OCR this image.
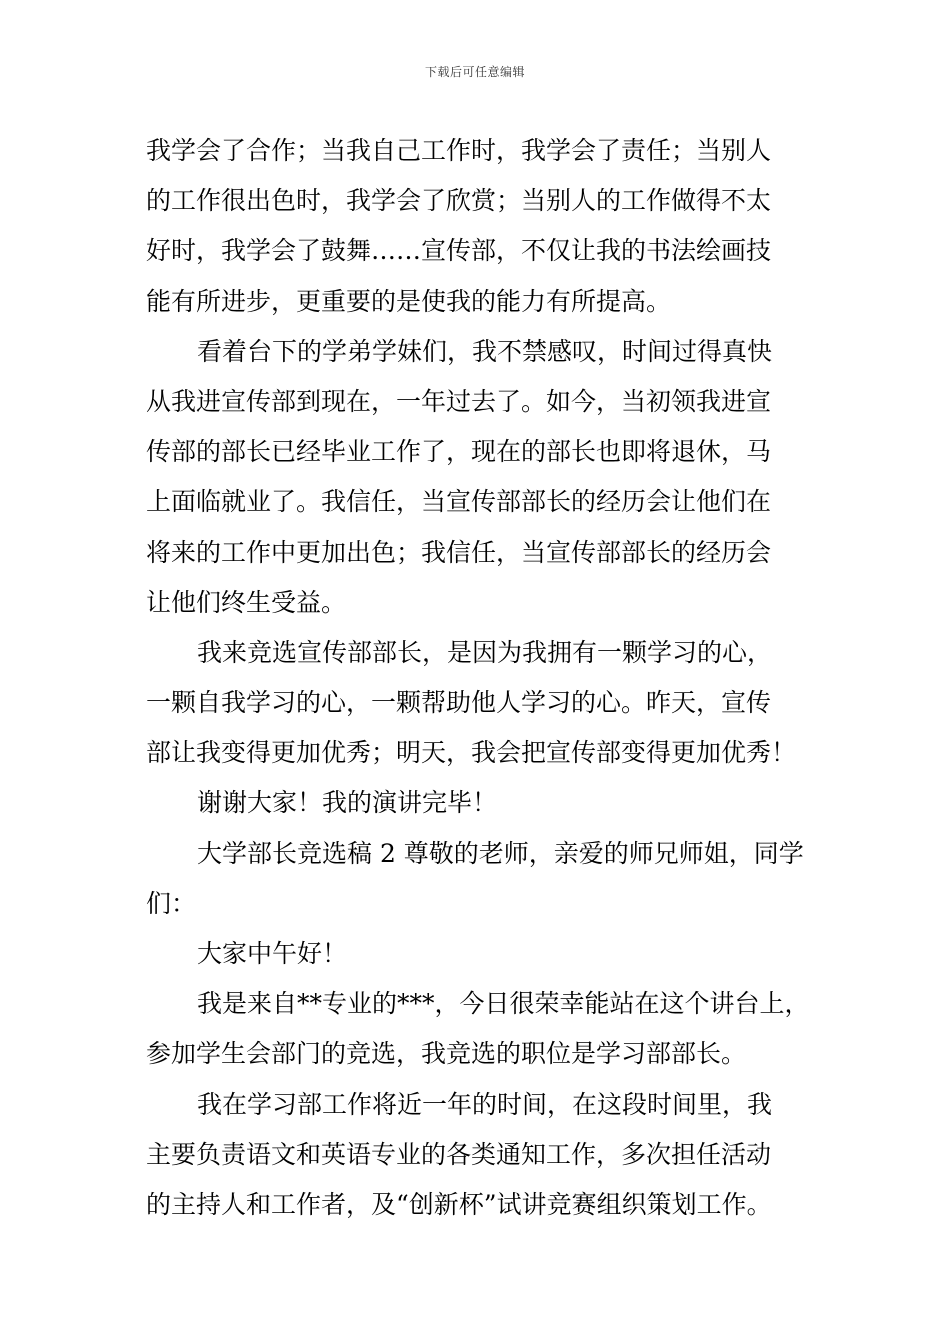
下载后可任意编辑
我学会了合作；当我自己工作时，我学会了责任；当别人
的工作很出色时，我学会了欣赏；当别人的工作做得不太
好时，我学会了鼓舞……宣传部，不仅让我的书法绘画技
能有所进步，更重要的是使我的能力有所提高。
看着台下的学弟学妹们，我不禁感叹，时间过得真快
从我进宣传部到现在，一年过去了。如今，当初领我进宣
传部的部长已经毕业工作了，现在的部长也即将退休，马
上面临就业了。我信任，当宣传部部长的经历会让他们在
将来的工作中更加出色；我信任，当宣传部部长的经历会
让他们终生受益。
我来竞选宣传部部长，是因为我拥有一颗学习的心，
一颗自我学习的心，一颗帮助他人学习的心。昨天，宣传
部让我变得更加优秀；明天，我会把宣传部变得更加优秀！
谢谢大家！我的演讲完毕！
大学部长竞选稿 2 尊敬的老师，亲爱的师兄师姐，同学
们：
大家中午好！
我是来自**专业的***，今日很荣幸能站在这个讲台上，
参加学生会部门的竞选，我竞选的职位是学习部部长。
我在学习部工作将近一年的时间，在这段时间里，我
主要负责语文和英语专业的各类通知工作，多次担任活动
的主持人和工作者，及“创新杯”试讲竞赛组织策划工作。
